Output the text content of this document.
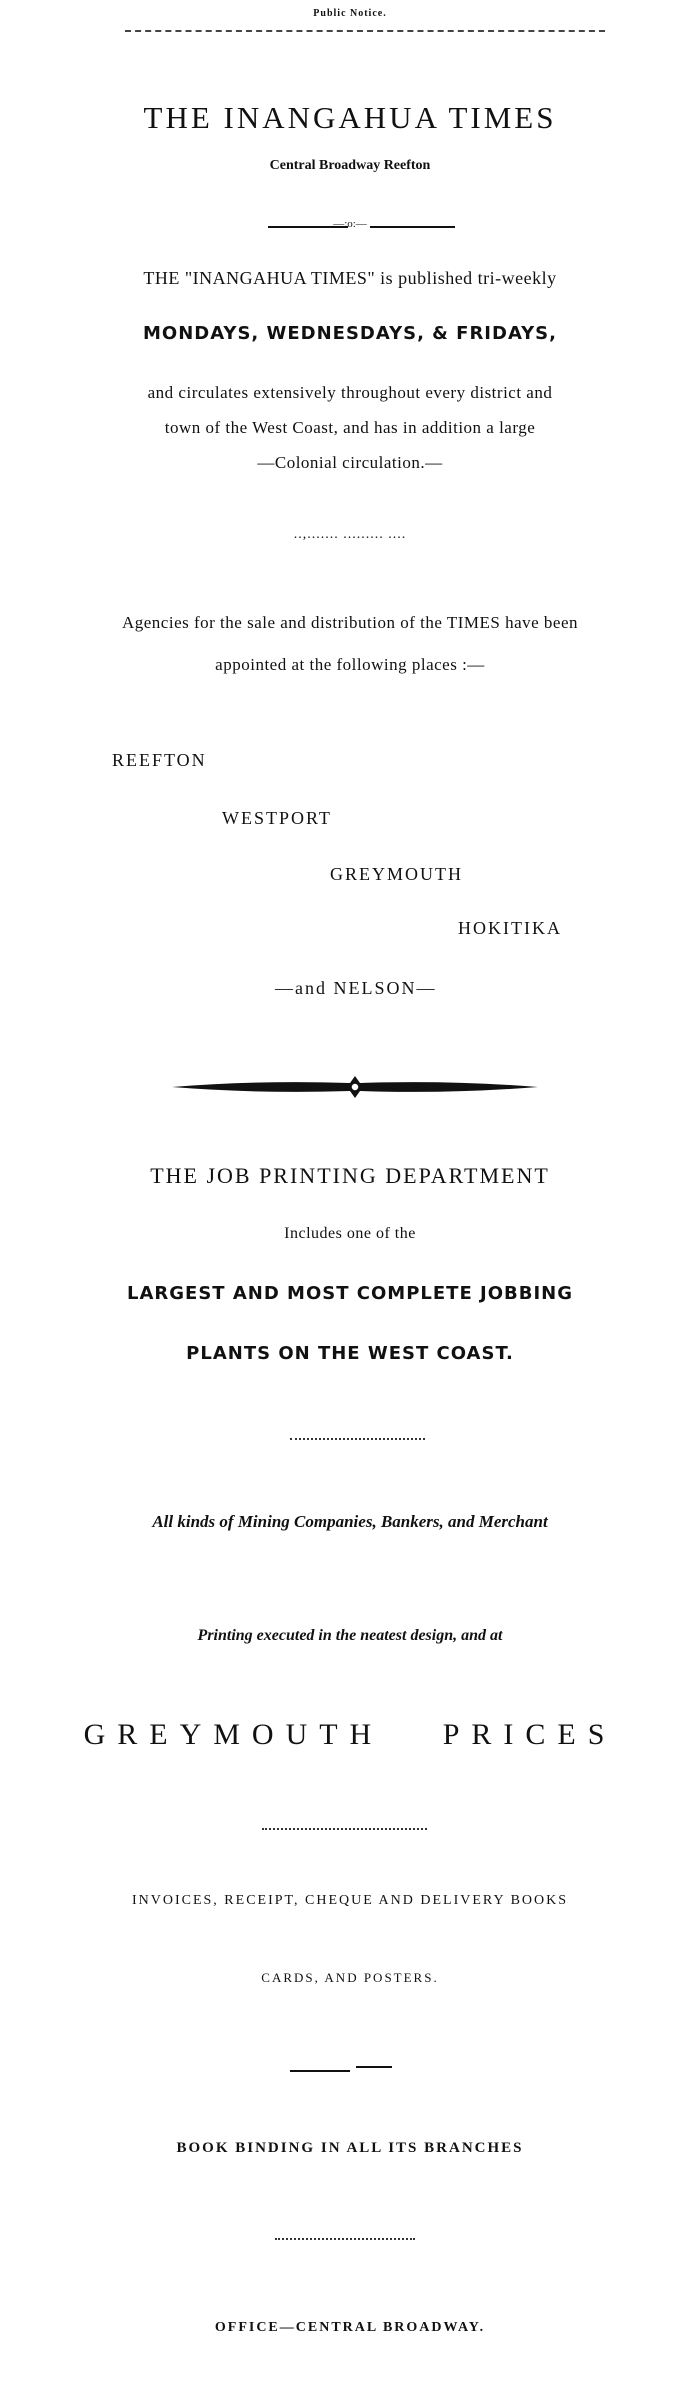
Public Notice.
THE INANGAHUA TIMES
Central Broadway Reefton
—:o:—
THE "INANGAHUA TIMES" is published tri-weekly
MONDAYS, WEDNESDAYS, & FRIDAYS,
and circulates extensively throughout every district and
town of the West Coast, and has in addition a large
—Colonial circulation.—
..,....... ......... ....
Agencies for the sale and distribution of the TIMES have been
appointed at the following places :—
REEFTON
WESTPORT
GREYMOUTH
HOKITIKA
—and NELSON—
THE JOB PRINTING DEPARTMENT
Includes one of the
LARGEST AND MOST COMPLETE JOBBING
PLANTS ON THE WEST COAST.
All kinds of Mining Companies, Bankers, and Merchant
Printing executed in the neatest design, and at
GREYMOUTH PRICES
INVOICES, RECEIPT, CHEQUE AND DELIVERY BOOKS
CARDS, AND POSTERS.
BOOK BINDING IN ALL ITS BRANCHES
OFFICE—CENTRAL BROADWAY.
